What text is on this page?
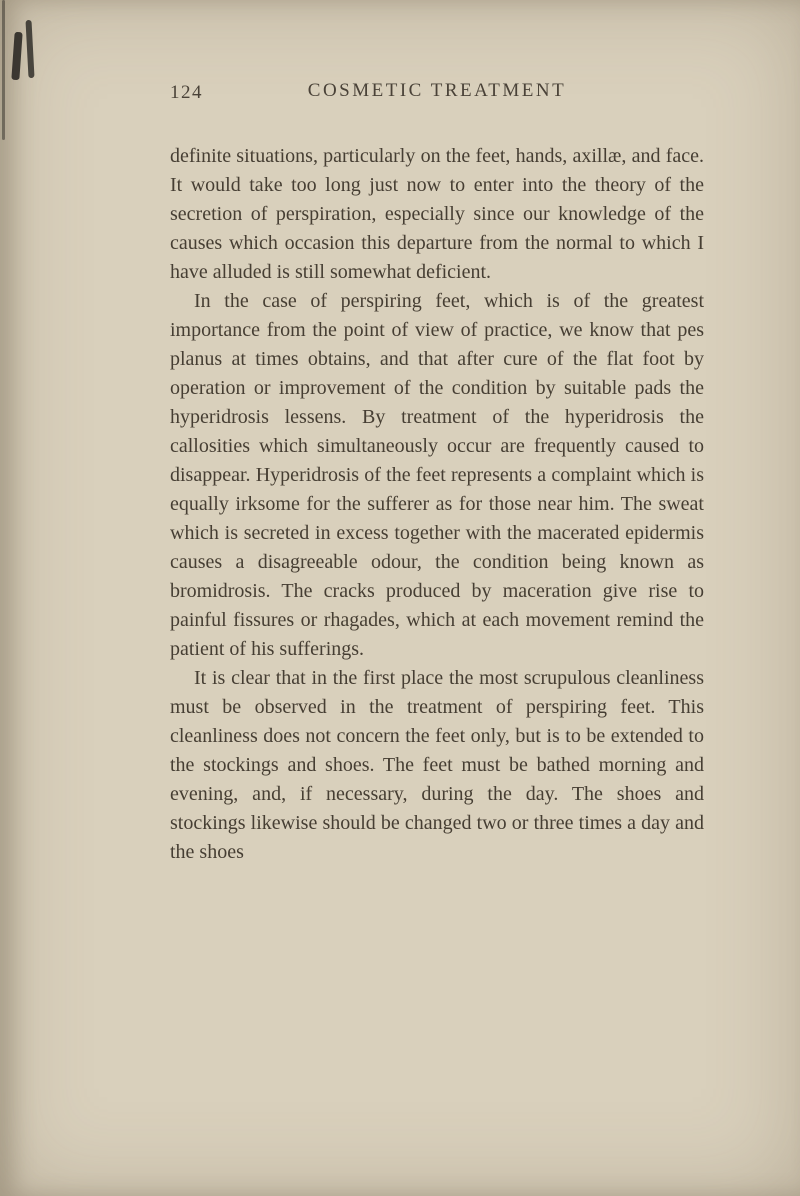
124	COSMETIC TREATMENT

definite situations, particularly on the feet, hands, axillæ, and face. It would take too long just now to enter into the theory of the secretion of perspiration, especially since our knowledge of the causes which occasion this departure from the normal to which I have alluded is still somewhat deficient.

In the case of perspiring feet, which is of the greatest importance from the point of view of practice, we know that pes planus at times obtains, and that after cure of the flat foot by operation or improvement of the condition by suitable pads the hyperidrosis lessens. By treatment of the hyperidrosis the callosities which simultaneously occur are frequently caused to disappear. Hyperidrosis of the feet represents a complaint which is equally irksome for the sufferer as for those near him. The sweat which is secreted in excess together with the macerated epidermis causes a disagreeable odour, the condition being known as bromidrosis. The cracks produced by maceration give rise to painful fissures or rhagades, which at each movement remind the patient of his sufferings.

It is clear that in the first place the most scrupulous cleanliness must be observed in the treatment of perspiring feet. This cleanliness does not concern the feet only, but is to be extended to the stockings and shoes. The feet must be bathed morning and evening, and, if necessary, during the day. The shoes and stockings likewise should be changed two or three times a day and the shoes
